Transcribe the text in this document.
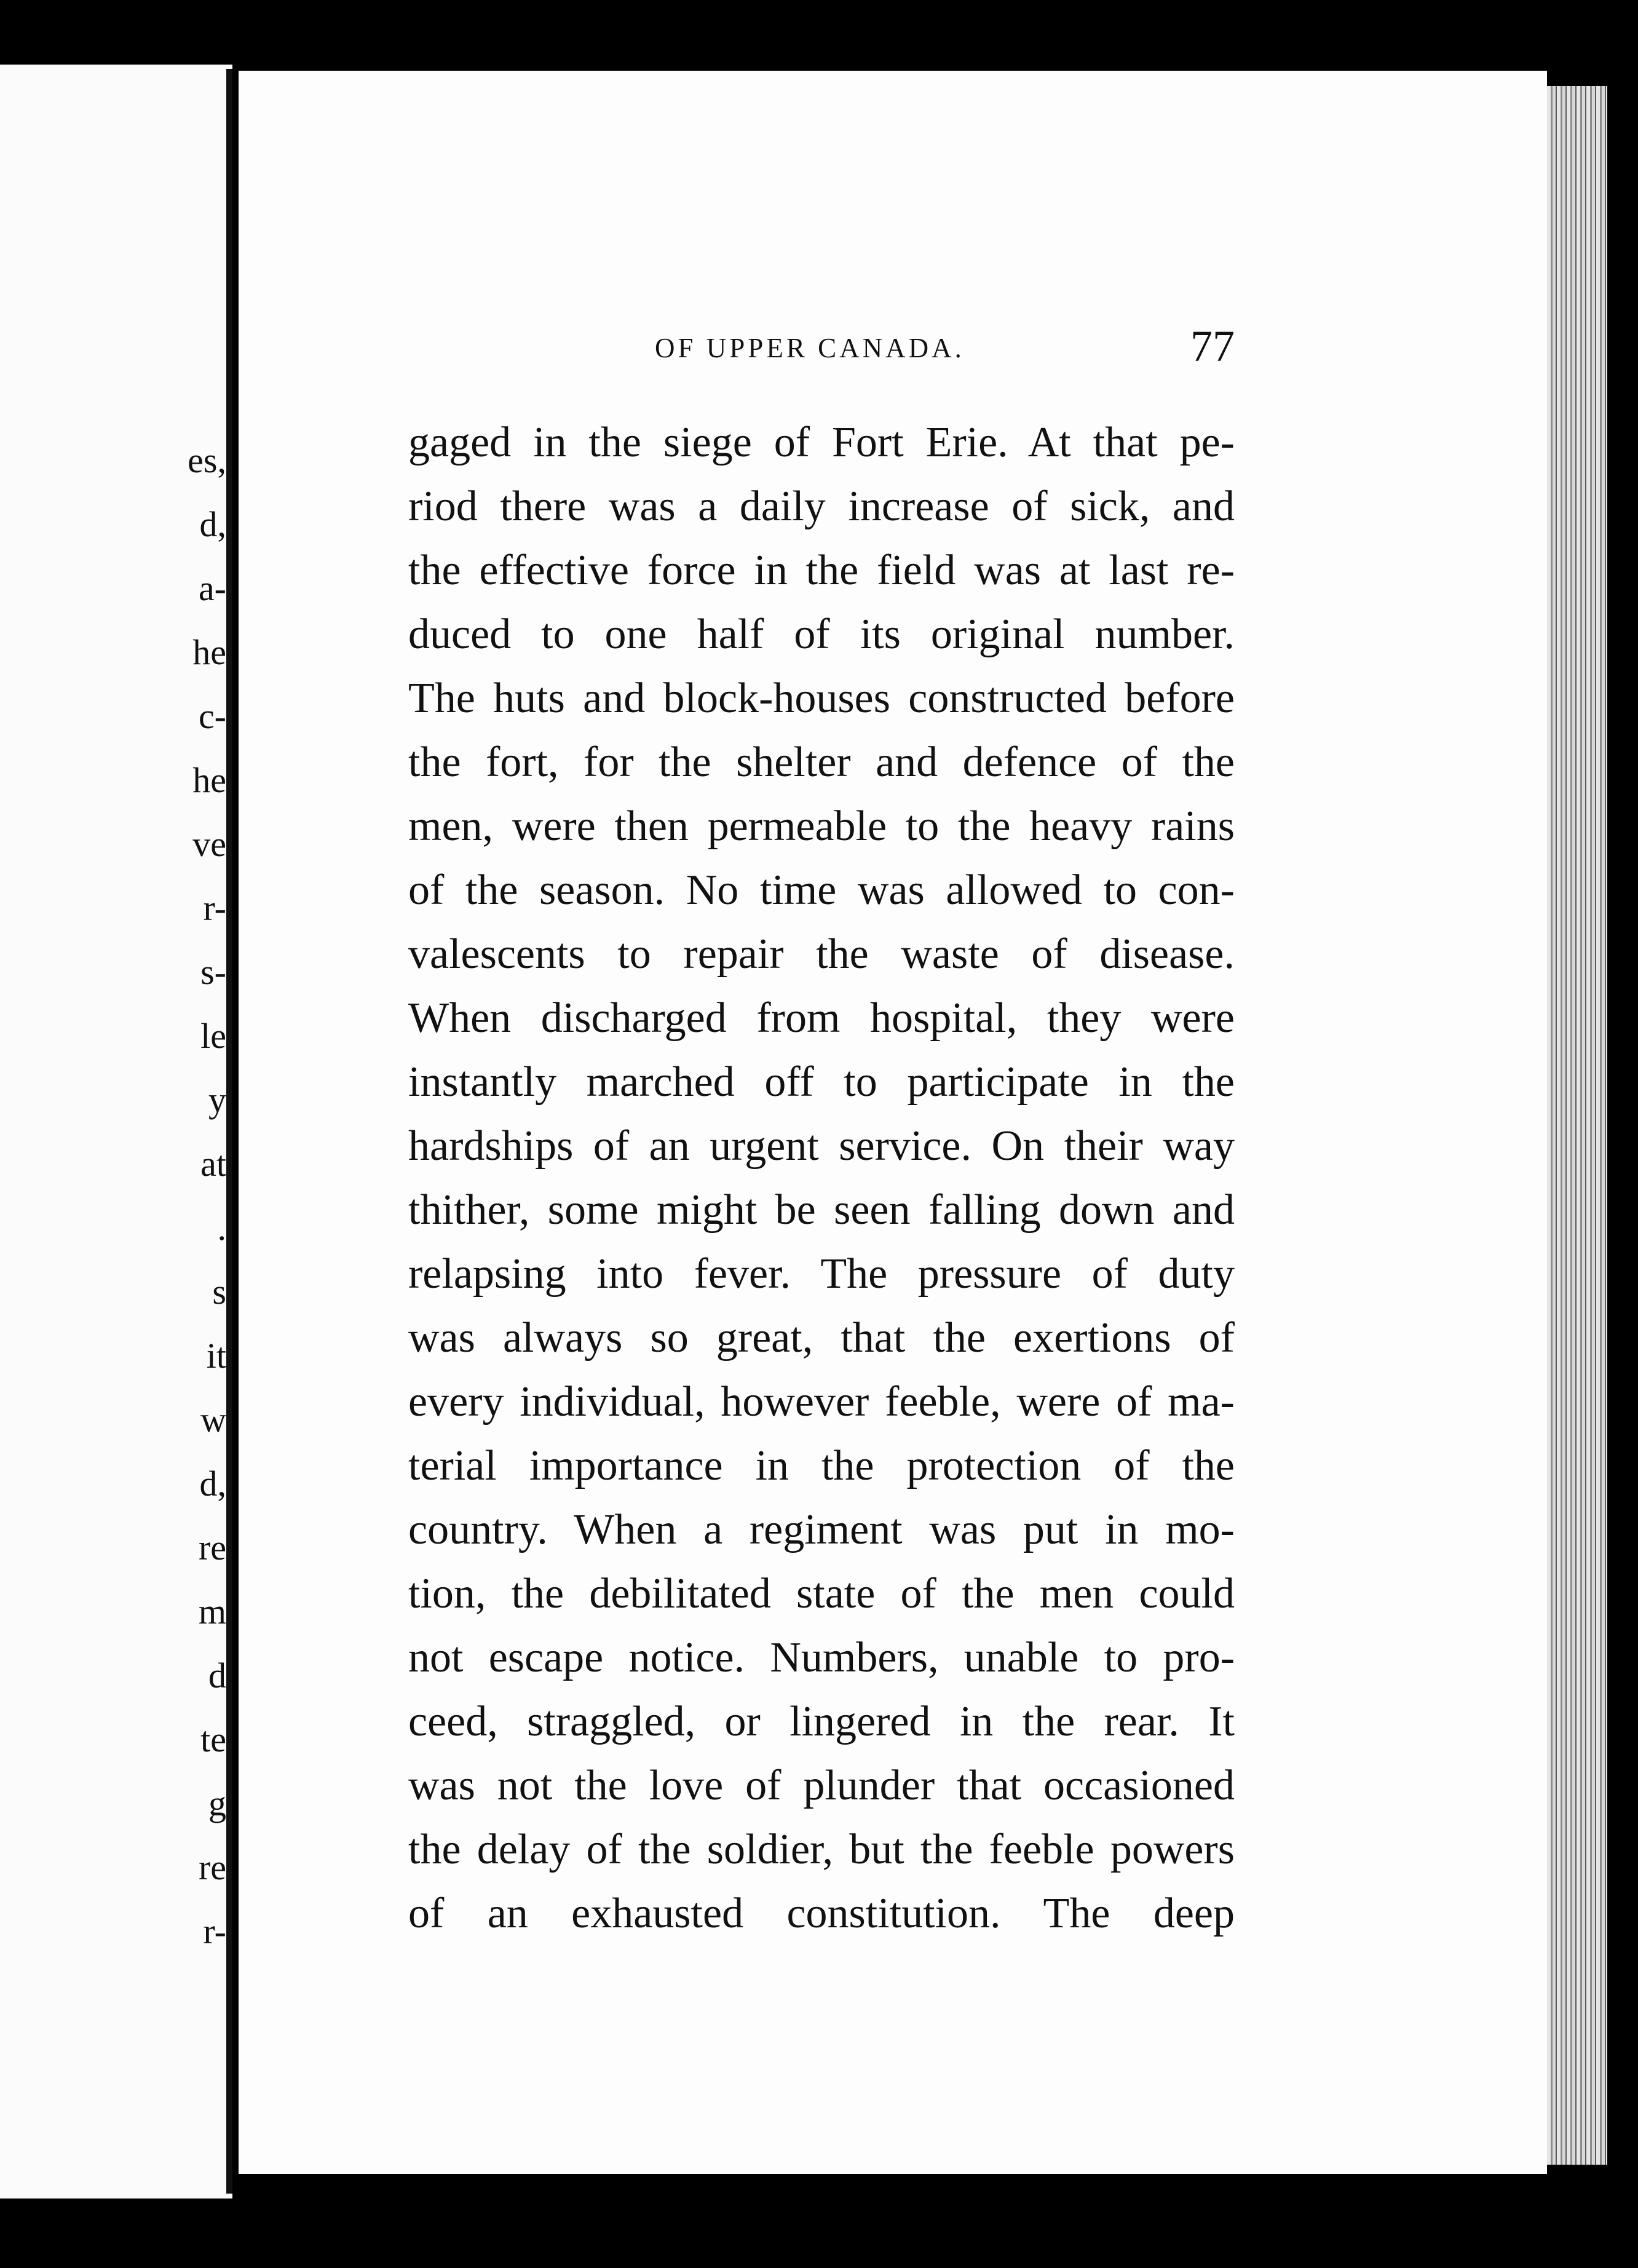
es,
d,
a-
he
c-
he
ve
r-
s-
le
y
at
.
s
it
w
d,
re
m
d
te
g
re
r-
OF UPPER CANADA.	77
gaged in the siege of Fort Erie. At that pe-
riod there was a daily increase of sick, and
the effective force in the field was at last re-
duced to one half of its original number.
The huts and block-houses constructed before
the fort, for the shelter and defence of the
men, were then permeable to the heavy rains
of the season. No time was allowed to con-
valescents to repair the waste of disease.
When discharged from hospital, they were
instantly marched off to participate in the
hardships of an urgent service. On their way
thither, some might be seen falling down and
relapsing into fever. The pressure of duty
was always so great, that the exertions of
every individual, however feeble, were of ma-
terial importance in the protection of the
country. When a regiment was put in mo-
tion, the debilitated state of the men could
not escape notice. Numbers, unable to pro-
ceed, straggled, or lingered in the rear. It
was not the love of plunder that occasioned
the delay of the soldier, but the feeble powers
of an exhausted constitution. The deep
